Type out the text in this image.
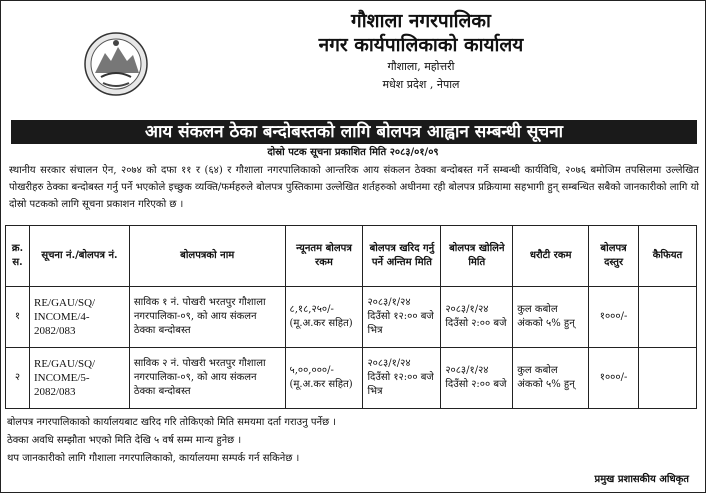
गौशाला नगरपालिका
नगर कार्यपालिकाको कार्यालय
गौशाला, महोत्तरी
मधेश प्रदेश , नेपाल
आय संकलन ठेका बन्दोबस्तको लागि बोलपत्र आह्वान सम्बन्धी सूचना
दोस्रो पटक सूचना प्रकाशित मिति २०८३/०१/०९
स्थानीय सरकार संचालन ऐन, २०७४ को दफा ११ र (६४) र गौशाला नगरपालिकाको आन्तरिक आय संकलन ठेक्का बन्दोबस्त गर्ने सम्बन्धी कार्यविधि, २०७६ बमोजिम तपसिलमा उल्लेखित पोखरीहरु ठेक्का बन्दोबस्त गर्नु पर्ने भएकोले इच्छुक व्यक्ति/फर्महरुले बोलपत्र पुस्तिकामा उल्लेखित शर्तहरुको अधीनमा रही बोलपत्र प्रक्रियामा सहभागी हुन् सम्बन्धित सबैको जानकारीको लागि यो दोस्रो पटकको लागि सूचना प्रकाशन गरिएको छ ।
क्र. स.	सूचना नं./बोलपत्र नं.	बोलपत्रको नाम	न्यूनतम बोलपत्र रकम	बोलपत्र खरिद गर्नु पर्ने अन्तिम मिति	बोलपत्र खोलिने मिति	धरौटी रकम	बोलपत्र दस्तुर	कैफियत
१	RE/GAU/SQ/ INCOME/4- 2082/083	साविक १ नं. पोखरी भरतपुर गौशाला नगरपालिका-०९, को आय संकलन ठेक्का बन्दोबस्त	८,१८,२५०/- (मू.अ.कर सहित)	२०८३/१/२४ दिउँसो १२:०० बजे भित्र	२०८३/१/२४ दिउँसो २:०० बजे	कुल कबोल अंकको ५% हुन्	१०००/-	
२	RE/GAU/SQ/ INCOME/5- 2082/083	साविक २ नं. पोखरी भरतपुर गौशाला नगरपालिका-०९, को आय संकलन ठेक्का बन्दोबस्त	५,००,०००/- (मू.अ.कर सहित)	२०८३/१/२४ दिउँसो १२:०० बजे भित्र	२०८३/१/२४ दिउँसो २:०० बजे	कुल कबोल अंकको ५% हुन्	१०००/-	
बोलपत्र नगरपालिकाको कार्यालयबाट खरिद गरि तोकिएको मिति समयमा दर्ता गराउनु पर्नेछ ।
ठेक्का अवधि सम्झौता भएको मिति देखि ५ वर्ष सम्म मान्य हुनेछ ।
थप जानकारीको लागि गौशाला नगरपालिकाको, कार्यालयमा सम्पर्क गर्न सकिनेछ ।
प्रमुख प्रशासकीय अधिकृत
